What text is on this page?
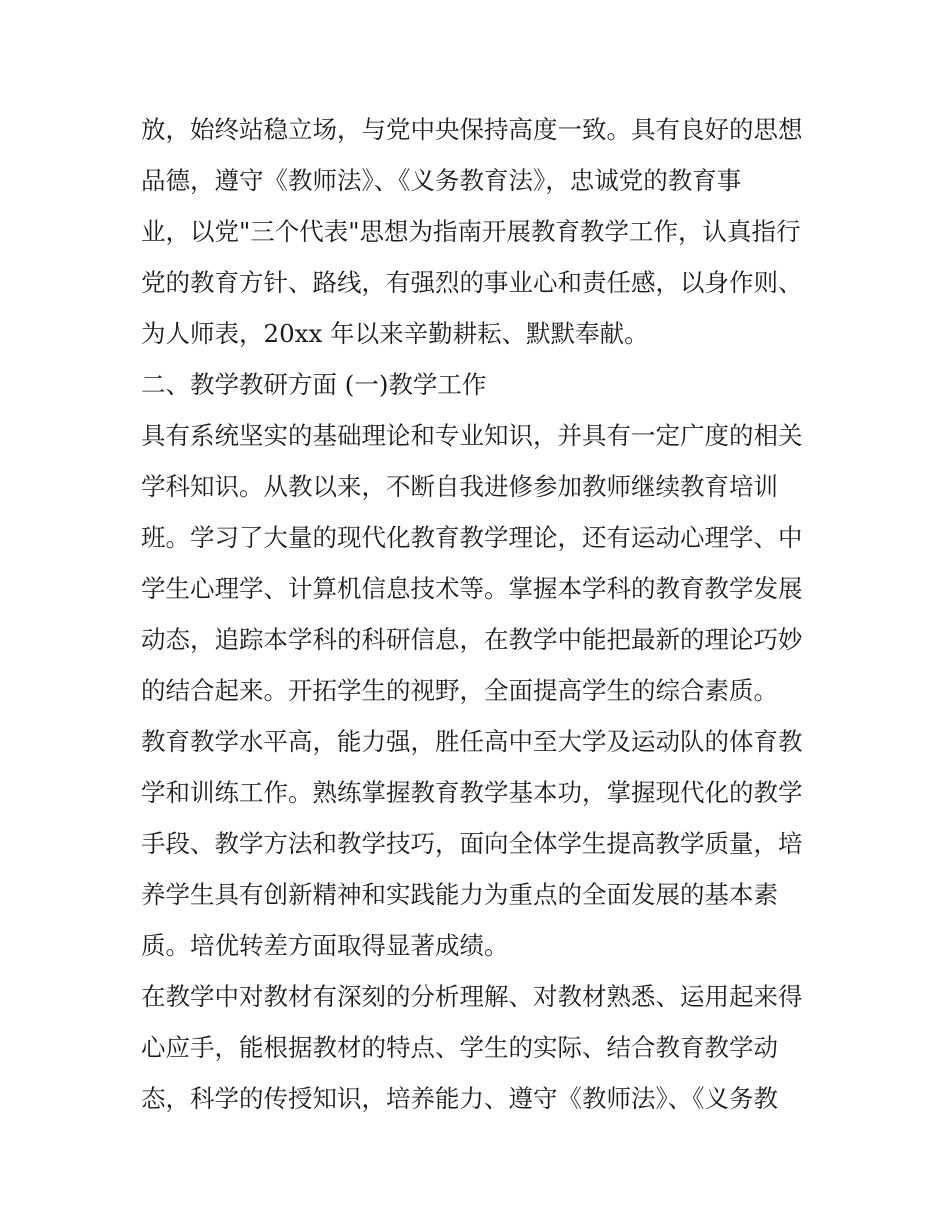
放，始终站稳立场，与党中央保持高度一致。具有良好的思想
品德，遵守《教师法》、《义务教育法》，忠诚党的教育事
业，以党"三个代表"思想为指南开展教育教学工作，认真指行
党的教育方针、路线，有强烈的事业心和责任感，以身作则、
为人师表，20xx 年以来辛勤耕耘、默默奉献。
二、教学教研方面 (一)教学工作
具有系统坚实的基础理论和专业知识，并具有一定广度的相关
学科知识。从教以来，不断自我进修参加教师继续教育培训
班。学习了大量的现代化教育教学理论，还有运动心理学、中
学生心理学、计算机信息技术等。掌握本学科的教育教学发展
动态，追踪本学科的科研信息，在教学中能把最新的理论巧妙
的结合起来。开拓学生的视野，全面提高学生的综合素质。
教育教学水平高，能力强，胜任高中至大学及运动队的体育教
学和训练工作。熟练掌握教育教学基本功，掌握现代化的教学
手段、教学方法和教学技巧，面向全体学生提高教学质量，培
养学生具有创新精神和实践能力为重点的全面发展的基本素
质。培优转差方面取得显著成绩。
在教学中对教材有深刻的分析理解、对教材熟悉、运用起来得
心应手，能根据教材的特点、学生的实际、结合教育教学动
态，科学的传授知识，培养能力、遵守《教师法》、《义务教
